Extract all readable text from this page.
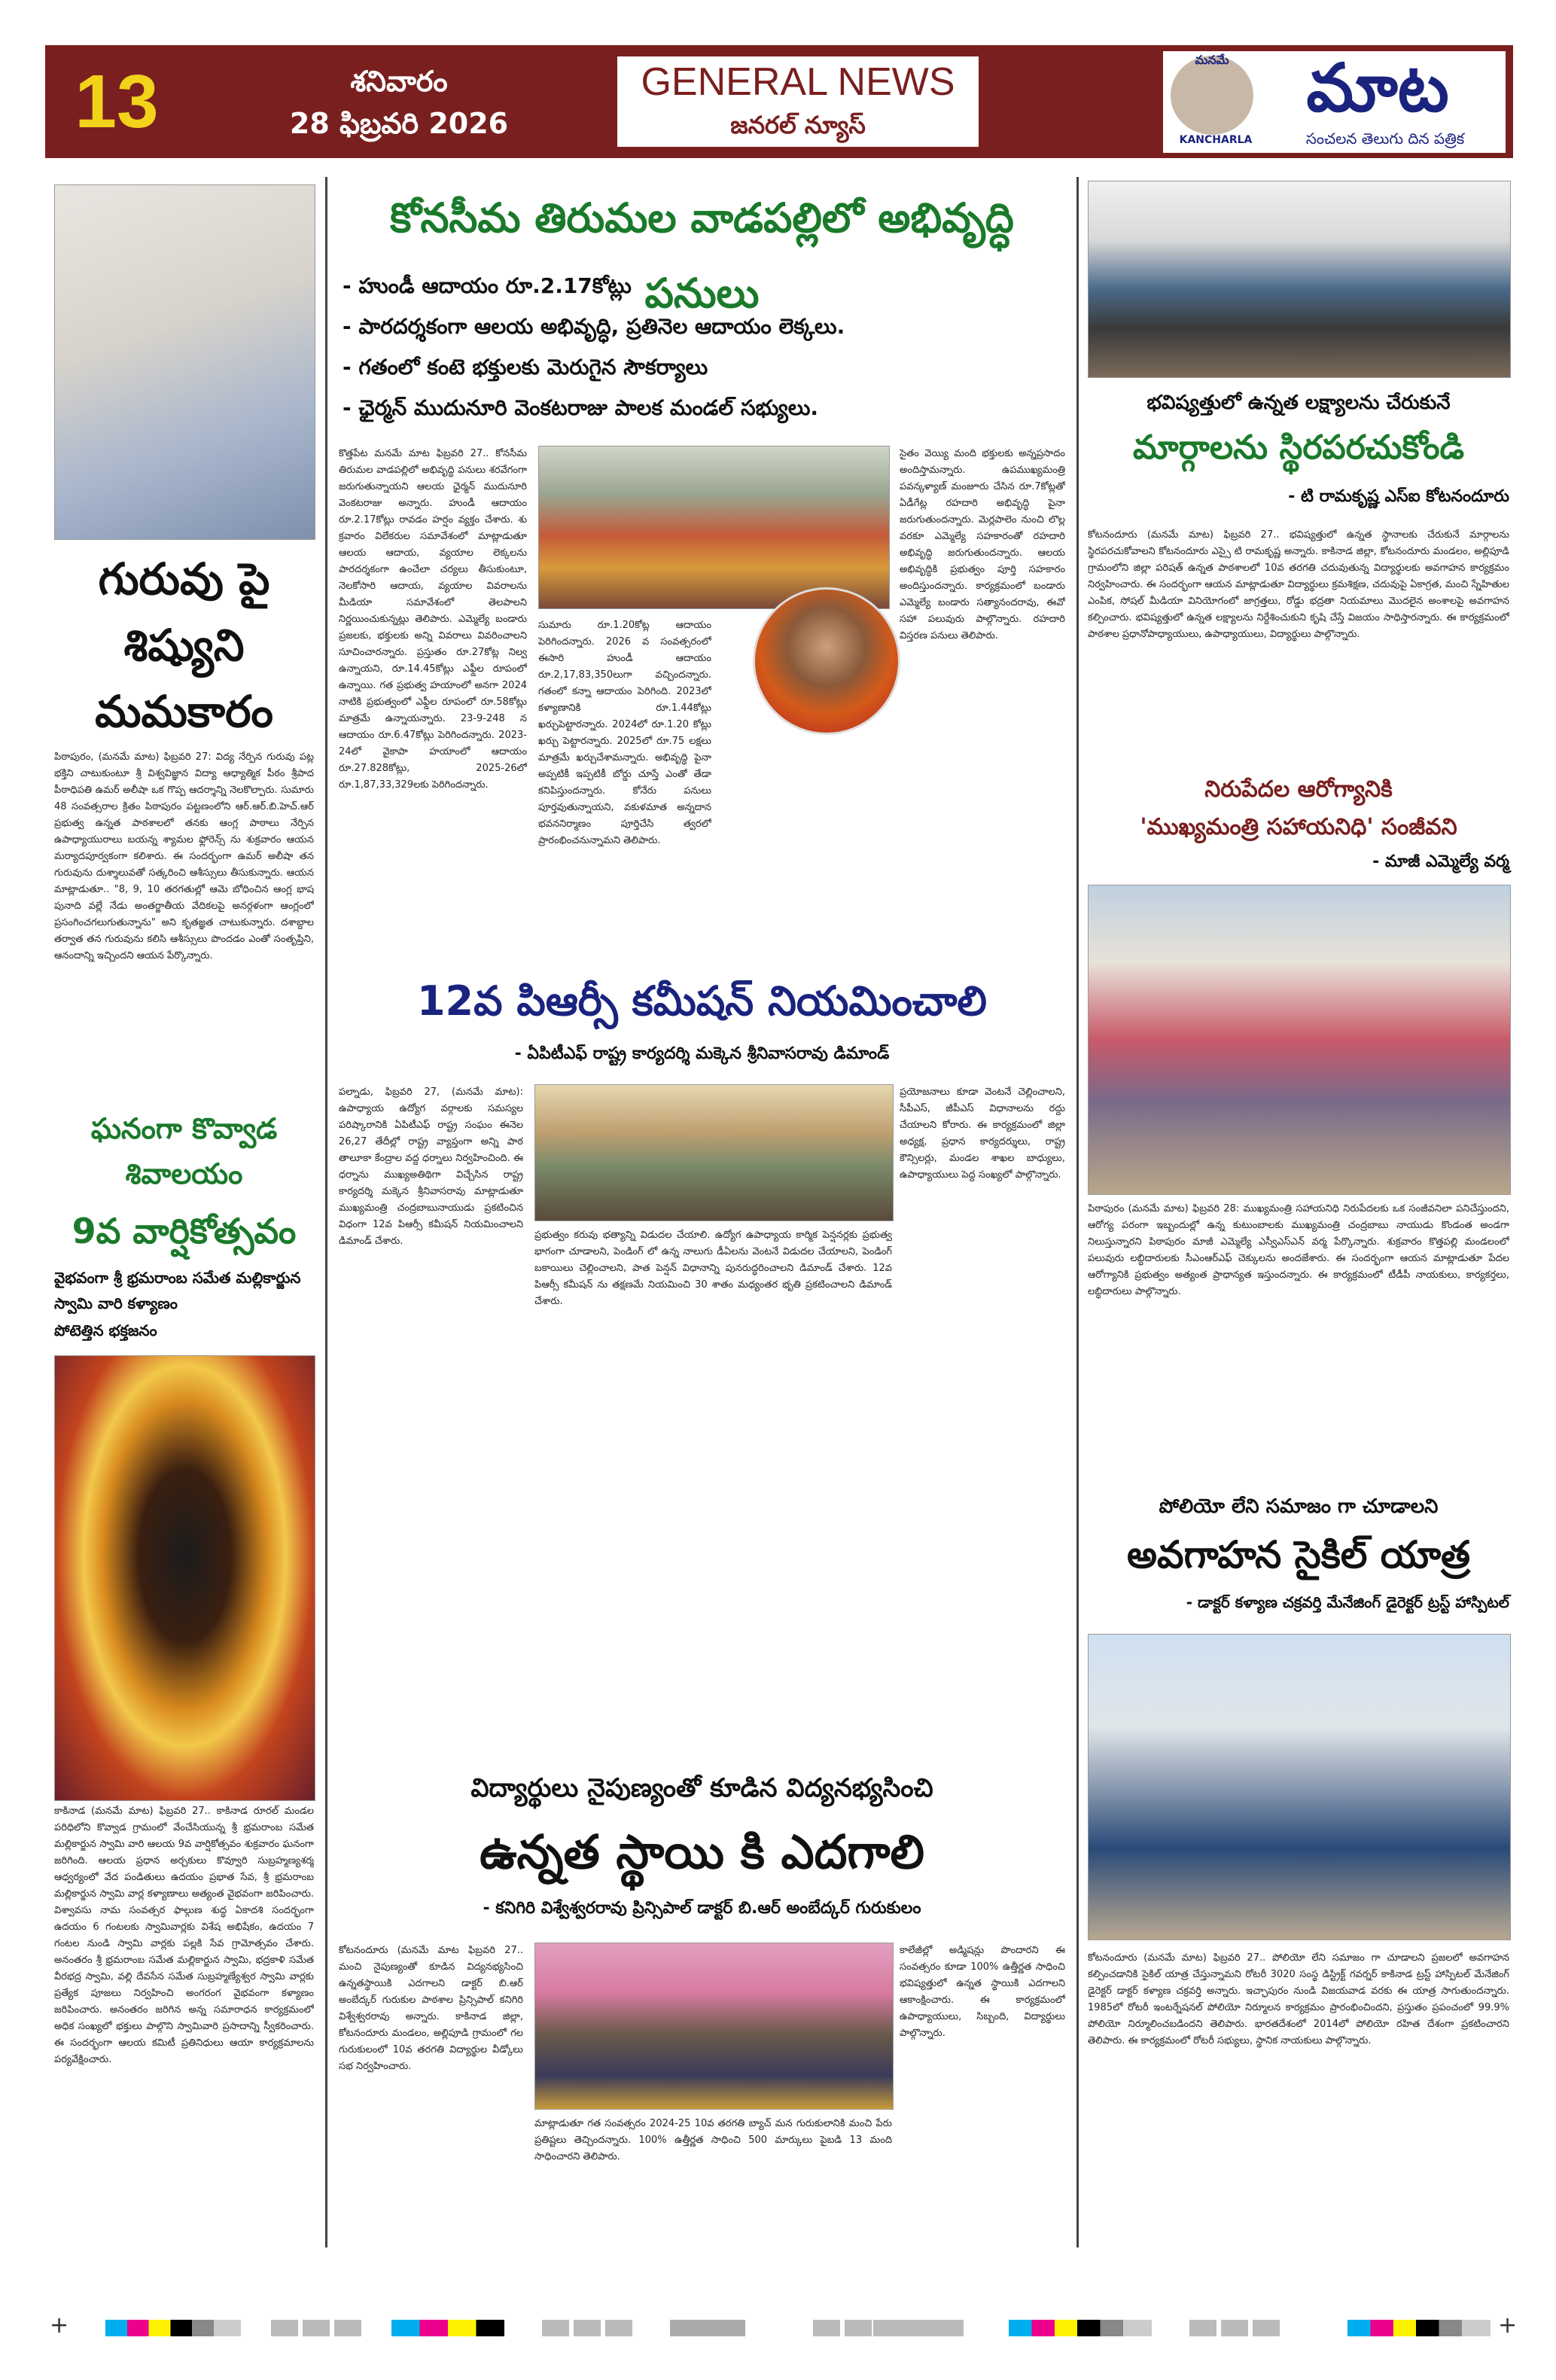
13	శనివారం
28 ఫిబ్రవరి 2026
GENERAL NEWS
జనరల్ న్యూస్
మనమే
KANCHARLA
మాట
సంచలన తెలుగు దిన పత్రిక
గురువు పై శిష్యుని మమకారం
పిఠాపురం, (మనమే మాట) ఫిబ్రవరి 27: విద్య నేర్పిన గురువు పట్ల భక్తిని చాటుకుంటూ శ్రీ విశ్వవిజ్ఞాన విద్యా ఆధ్యాత్మిక పీఠం శ్రీపాద పీఠాధిపతి ఉమర్ అలీషా ఒక గొప్ప ఆదర్శాన్ని నెలకొల్పారు. సుమారు 48 సంవత్సరాల క్రితం పిఠాపురం పట్టణంలోని ఆర్.ఆర్.బి.హెచ్.ఆర్ ప్రభుత్వ ఉన్నత పాఠశాలలో తనకు ఆంగ్ల పాఠాలు నేర్పిన ఉపాధ్యాయురాలు బయన్న శ్యామల ఫ్లోరెన్స్ ను శుక్రవారం ఆయన మర్యాదపూర్వకంగా కలిశారు. ఈ సందర్భంగా ఉమర్ అలీషా తన గురువును దుశ్శాలువతో సత్కరించి ఆశీస్సులు తీసుకున్నారు. ఆయన మాట్లాడుతూ.. "8, 9, 10 తరగతుల్లో ఆమె బోధించిన ఆంగ్ల భాష పునాది వల్లే నేడు అంతర్జాతీయ వేదికలపై అనర్గళంగా ఆంగ్లంలో ప్రసంగించగలుగుతున్నాను" అని కృతజ్ఞత చాటుకున్నారు. దశాబ్దాల తర్వాత తన గురువును కలిసి ఆశీస్సులు పొందడం ఎంతో సంతృప్తిని, ఆనందాన్ని ఇచ్చిందని ఆయన పేర్కొన్నారు.
ఘనంగా కొవ్వాడ
శివాలయం
9వ వార్షికోత్సవం
వైభవంగా శ్రీ భ్రమరాంబ సమేత మల్లికార్జున స్వామి వారి కళ్యాణం
పోటెత్తిన భక్తజనం
కాకినాడ (మనమే మాట) ఫిబ్రవరి 27.. కాకినాడ రూరల్ మండల పరిధిలోని కొవ్వాడ గ్రామంలో వేంచేసియున్న శ్రీ భ్రమరాంబ సమేత మల్లికార్జున స్వామి వారి ఆలయ 9వ వార్షికోత్సవం శుక్రవారం ఘనంగా జరిగింది. ఆలయ ప్రధాన అర్చకులు కొవ్వూరి సుబ్రహ్మణ్యశర్మ ఆధ్వర్యంలో వేద పండితులు ఉదయం ప్రభాత సేవ, శ్రీ భ్రమరాంబ మల్లికార్జున స్వామి వార్ల కళ్యాణాలు అత్యంత వైభవంగా జరిపించారు. విశ్వావసు నామ సంవత్సర ఫాల్గుణ శుద్ధ ఏకాదశి సందర్భంగా ఉదయం 6 గంటలకు స్వామివార్లకు విశేష అభిషేకం, ఉదయం 7 గంటల నుండి స్వామి వార్లకు పల్లకి సేవ గ్రామోత్సవం చేశారు. అనంతరం శ్రీ భ్రమరాంబ సమేత మల్లికార్జున స్వామి, భద్రకాళి సమేత వీరభద్ర స్వామి, వల్లి దేవసేన సమేత సుబ్రహ్మణ్యేశ్వర స్వామి వార్లకు ప్రత్యేక పూజలు నిర్వహించి అంగరంగ వైభవంగా కళ్యాణం జరిపించారు. అనంతరం జరిగిన అన్న సమారాధన కార్యక్రమంలో అధిక సంఖ్యలో భక్తులు పాల్గొని స్వామివారి ప్రసాదాన్ని స్వీకరించారు. ఈ సందర్భంగా ఆలయ కమిటీ ప్రతినిధులు ఆయా కార్యక్రమాలను పర్యవేక్షించారు.
కోనసీమ తిరుమల వాడపల్లిలో అభివృద్ధి పనులు
- హుండీ ఆదాయం రూ.2.17కోట్లు
- పారదర్శకంగా ఆలయ అభివృద్ధి, ప్రతినెల ఆదాయం లెక్కలు.
- గతంలో కంటె భక్తులకు మెరుగైన సౌకర్యాలు
- ఛైర్మన్ ముదునూరి వెంకటరాజు పాలక మండల్ సభ్యులు.
కొత్తపేట మనమే మాట ఫిబ్రవరి 27.. కోనసీమ తిరుమల వాడపల్లిలో అభివృద్ధి పనులు శరవేగంగా జరుగుతున్నాయని ఆలయ ఛైర్మన్ ముదునూరి వెంకటరాజు అన్నారు. హుండీ ఆదాయం రూ.2.17కోట్లు రావడం హర్షం వ్యక్తం చేశారు. శు క్రవారం విలేకరుల సమావేశంలో మాట్లాడుతూ ఆలయ ఆదాయ, వ్యయాల లెక్కలను పారదర్శకంగా ఉంచేలా చర్యలు తీసుకుంటూ, నెలకోసారి ఆదాయ, వ్యయాల వివరాలను మీడియా సమావేశంలో తెలపాలని నిర్ణయించుకున్నట్లు తెలిపారు. ఎమ్మెల్యే బండారు ప్రజలకు, భక్తులకు అన్ని వివరాలు వివరించాలని సూచించారన్నారు. ప్రస్తుతం రూ.27కోట్ల నిల్వ ఉన్నాయని, రూ.14.45కోట్లు ఎఫ్డీల రూపంలో ఉన్నాయి. గత ప్రభుత్వ హయాంలో అనగా 2024 నాటికి ప్రభుత్వంలో ఎఫ్డీల రూపంలో రూ.58కోట్లు మాత్రమే ఉన్నాయన్నారు. 23-9-248 న ఆదాయం రూ.6.47కోట్లు పెరిగిందన్నారు. 2023-24లో వైకాపా హయాంలో ఆదాయం రూ.27.828కోట్లు, 2025-26లో రూ.1,87,33,329లకు పెరిగిందన్నారు.
సుమారు రూ.1.20కోట్ల ఆదాయం పెరిగిందన్నారు. 2026 వ సంవత్సరంలో ఈసారి హుండీ ఆదాయం రూ.2,17,83,350లుగా వచ్చిందన్నారు. గతంలో కన్నా ఆదాయం పెరిగింది. 2023లో కళ్యాణానికి రూ.1.44కోట్లు ఖర్చుపెట్టారన్నారు. 2024లో రూ.1.20 కోట్లు ఖర్చు పెట్టారన్నారు. 2025లో రూ.75 లక్షలు మాత్రమే ఖర్చుచేశామన్నారు. అభివృద్ధి పైనా అప్పటికీ ఇప్పటికీ బోర్డు చూస్తే ఎంతో తేడా కనిపిస్తుందన్నారు. కోనేరు పనులు పూర్తవుతున్నాయని, వకుళమాత అన్నదాన భవననిర్మాణం పూర్తిచేసి త్వరలో ప్రారంభించనున్నామని తెలిపారు.
సైతం వెయ్యి మంది భక్తులకు అన్నప్రసాదం అందిస్తామన్నారు. ఉపముఖ్యమంత్రి పవన్కళ్యాణ్ మంజూరు చేసిన రూ.7కోట్లతో ఏడీగేట్ల రహదారి అభివృద్ధి పైనా జరుగుతుందన్నారు. మెర్లపాలెం నుంచి లొల్ల వరకూ ఎమ్మెల్యే సహకారంతో రహదారి అభివృద్ధి జరుగుతుందన్నారు. ఆలయ అభివృద్ధికి ప్రభుత్వం పూర్తి సహకారం అందిస్తుందన్నారు. కార్యక్రమంలో బండారు ఎమ్మెల్యే బండారు సత్యానందరావు, ఈవో సహా పలువురు పాల్గొన్నారు. రహదారి విస్తరణ పనులు తెలిపారు.
12వ పిఆర్సీ కమీషన్ నియమించాలి
- ఏపిటీఎఫ్ రాష్ట్ర కార్యదర్శి మక్కెన శ్రీనివాసరావు డిమాండ్
పల్నాడు, ఫిబ్రవరి 27, (మనమే మాట): ఉపాధ్యాయ ఉద్యోగ వర్గాలకు సమస్యల పరిష్కారానికి ఏపిటీఎఫ్ రాష్ట్ర సంఘం ఈనెల 26,27 తేదీల్లో రాష్ట్ర వ్యాప్తంగా అన్ని పాఠ తాలూకా కేంద్రాల వద్ద ధర్నాలు నిర్వహించింది. ఈ ధర్నాను ముఖ్యఅతిథిగా విచ్చేసిన రాష్ట్ర కార్యదర్శి మక్కెన శ్రీనివాసరావు మాట్లాడుతూ ముఖ్యమంత్రి చంద్రబాబునాయుడు ప్రకటించిన విధంగా 12వ పిఆర్సీ కమీషన్ నియమించాలని డిమాండ్ చేశారు.
ప్రభుత్వం కరువు భత్యాన్ని విడుదల చేయాలి. ఉద్యోగ ఉపాధ్యాయ కార్మిక పెన్షనర్లకు ప్రభుత్వ భాగంగా చూడాలని, పెండింగ్ లో ఉన్న నాలుగు డీఏలను వెంటనే విడుదల చేయాలని, పెండింగ్ బకాయిలు చెల్లించాలని, పాత పెన్షన్ విధానాన్ని పునరుద్ధరించాలని డిమాండ్ చేశారు. 12వ పిఆర్సీ కమీషన్ ను తక్షణమే నియమించి 30 శాతం మధ్యంతర భృతి ప్రకటించాలని డిమాండ్ చేశారు.
ప్రయోజనాలు కూడా వెంటనే చెల్లించాలని, సీపీఎస్, జీపీఎస్ విధానాలను రద్దు చేయాలని కోరారు. ఈ కార్యక్రమంలో జిల్లా అధ్యక్ష, ప్రధాన కార్యదర్శులు, రాష్ట్ర కౌన్సిలర్లు, మండల శాఖల బాధ్యులు, ఉపాధ్యాయులు పెద్ద సంఖ్యలో పాల్గొన్నారు.
విద్యార్థులు నైపుణ్యంతో కూడిన విద్యనభ్యసించి
ఉన్నత స్థాయి కి ఎదగాలి
- కనిగిరి విశ్వేశ్వరరావు ప్రిన్సిపాల్ డాక్టర్ బి.ఆర్ అంబేద్కర్ గురుకులం
కోటనందూరు (మనమే మాట ఫిబ్రవరి 27.. మంచి నైపుణ్యంతో కూడిన విద్యనభ్యసించి ఉన్నతస్థాయికి ఎదగాలని డాక్టర్ బి.ఆర్ అంబేద్కర్ గురుకుల పాఠశాల ప్రిన్సిపాల్ కనిగిరి విశ్వేశ్వరరావు అన్నారు. కాకినాడ జిల్లా, కోటనందూరు మండలం, అల్లిపూడి గ్రామంలో గల గురుకులంలో 10వ తరగతి విద్యార్థుల వీడ్కోలు సభ నిర్వహించారు.
మాట్లాడుతూ గత సంవత్సరం 2024-25 10వ తరగతి బ్యాచ్ మన గురుకులానికి మంచి పేరు ప్రతిష్టలు తెచ్చిందన్నారు. 100% ఉత్తీర్ణత సాధించి 500 మార్కులు పైబడి 13 మంది సాధించారని తెలిపారు.
కాలేజీల్లో అడ్మిషన్లు పొందారని ఈ సంవత్సరం కూడా 100% ఉత్తీర్ణత సాధించి భవిష్యత్తులో ఉన్నత స్థాయికి ఎదగాలని ఆకాంక్షించారు. ఈ కార్యక్రమంలో ఉపాధ్యాయులు, సిబ్బంది, విద్యార్థులు పాల్గొన్నారు.
భవిష్యత్తులో ఉన్నత లక్ష్యాలను చేరుకునే
మార్గాలను స్థిరపరచుకోండి
- టి రామకృష్ణ ఎస్ఐ కోటనందూరు
కోటనందూరు (మనమే మాట) ఫిబ్రవరి 27.. భవిష్యత్తులో ఉన్నత స్థానాలకు చేరుకునే మార్గాలను స్థిరపరచుకోవాలని కోటనందూరు ఎస్సై టి రామకృష్ణ అన్నారు. కాకినాడ జిల్లా, కోటనందూరు మండలం, అల్లిపూడి గ్రామంలోని జిల్లా పరిషత్ ఉన్నత పాఠశాలలో 10వ తరగతి చదువుతున్న విద్యార్థులకు అవగాహన కార్యక్రమం నిర్వహించారు. ఈ సందర్భంగా ఆయన మాట్లాడుతూ విద్యార్థులు క్రమశిక్షణ, చదువుపై ఏకాగ్రత, మంచి స్నేహితుల ఎంపిక, సోషల్ మీడియా వినియోగంలో జాగ్రత్తలు, రోడ్డు భద్రతా నియమాలు మొదలైన అంశాలపై అవగాహన కల్పించారు. భవిష్యత్తులో ఉన్నత లక్ష్యాలను నిర్దేశించుకుని కృషి చేస్తే విజయం సాధిస్తారన్నారు. ఈ కార్యక్రమంలో పాఠశాల ప్రధానోపాధ్యాయులు, ఉపాధ్యాయులు, విద్యార్థులు పాల్గొన్నారు.
నిరుపేదల ఆరోగ్యానికి
'ముఖ్యమంత్రి సహాయనిధి' సంజీవని
- మాజీ ఎమ్మెల్యే వర్మ
పిఠాపురం (మనమే మాట) ఫిబ్రవరి 28: ముఖ్యమంత్రి సహాయనిధి నిరుపేదలకు ఒక సంజీవనిలా పనిచేస్తుందని, ఆరోగ్య పరంగా ఇబ్బందుల్లో ఉన్న కుటుంబాలకు ముఖ్యమంత్రి చంద్రబాబు నాయుడు కొండంత అండగా నిలుస్తున్నారని పిఠాపురం మాజీ ఎమ్మెల్యే ఎస్వీఎస్ఎన్ వర్మ పేర్కొన్నారు. శుక్రవారం కొత్తపల్లి మండలంలో పలువురు లబ్ధిదారులకు సీఎంఆర్ఎఫ్ చెక్కులను అందజేశారు. ఈ సందర్భంగా ఆయన మాట్లాడుతూ పేదల ఆరోగ్యానికి ప్రభుత్వం అత్యంత ప్రాధాన్యత ఇస్తుందన్నారు. ఈ కార్యక్రమంలో టీడీపీ నాయకులు, కార్యకర్తలు, లబ్ధిదారులు పాల్గొన్నారు.
పోలియో లేని సమాజం గా చూడాలని
అవగాహన సైకిల్ యాత్ర
- డాక్టర్ కళ్యాణ చక్రవర్తి మేనేజింగ్ డైరెక్టర్ ట్రస్ట్ హాస్పిటల్
కోటనందూరు (మనమే మాట) ఫిబ్రవరి 27.. పోలియో లేని సమాజం గా చూడాలని ప్రజలలో అవగాహన కల్పించడానికి సైకిల్ యాత్ర చేస్తున్నామని రోటరీ 3020 సంస్థ డిస్ట్రిక్ట్ గవర్నర్ కాకినాడ ట్రస్ట్ హాస్పిటల్ మేనేజింగ్ డైరెక్టర్ డాక్టర్ కళ్యాణ చక్రవర్తి అన్నారు. ఇచ్ఛాపురం నుండి విజయవాడ వరకు ఈ యాత్ర సాగుతుందన్నారు. 1985లో రోటరీ ఇంటర్నేషనల్ పోలియో నిర్మూలన కార్యక్రమం ప్రారంభించిందని, ప్రస్తుతం ప్రపంచంలో 99.9% పోలియో నిర్మూలించబడిందని తెలిపారు. భారతదేశంలో 2014లో పోలియో రహిత దేశంగా ప్రకటించారని తెలిపారు. ఈ కార్యక్రమంలో రోటరీ సభ్యులు, స్థానిక నాయకులు పాల్గొన్నారు.
+	+
